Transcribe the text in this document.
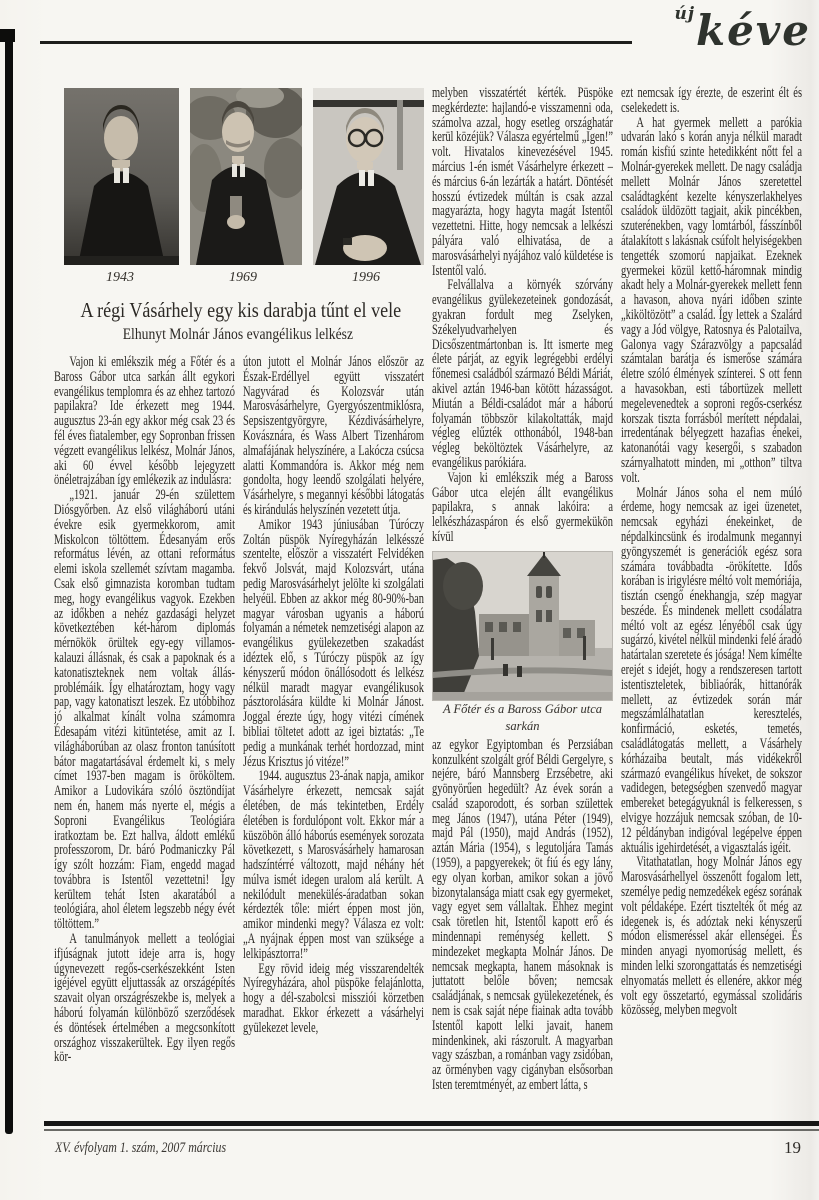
újkéve
1943	1969	1996
A régi Vásárhely egy kis darabja tűnt el vele
Elhunyt Molnár János evangélikus lelkész

Vajon ki emlékszik még a Főtér és a Baross Gábor utca sarkán állt egykori evangélikus templomra és az ehhez tartozó papilakra? Ide érkezett meg 1944. augusztus 23-án egy akkor még csak 23 és fél éves fiatalember, egy Sopronban frissen végzett evangélikus lelkész, Molnár János, aki 60 évvel később lejegyzett önéletrajzában így emlékezik az indulásra:

„1921. január 29-én születtem Diósgyőrben. Az első világháború utáni évekre esik gyermekkorom, amit Miskolcon töltöttem. Édesanyám erős református lévén, az ottani református elemi iskola szellemét szívtam magamba. Csak első gimnazista koromban tudtam meg, hogy evangélikus vagyok. Ezekben az időkben a nehéz gazdasági helyzet következtében két-három diplomás mérnökök örültek egy-egy villamos-kalauzi állásnak, és csak a papoknak és a katonatiszteknek nem voltak állás-problémáik. Így elhatároztam, hogy vagy pap, vagy katonatiszt leszek. Ez utóbbihoz jó alkalmat kínált volna számomra Édesapám vitézi kitüntetése, amit az I. világháborúban az olasz fronton tanúsított bátor magatartásával érdemelt ki, s mely címet 1937-ben magam is örököltem. Amikor a Ludovikára szóló ösztöndíjat nem én, hanem más nyerte el, mégis a Soproni Evangélikus Teológiára iratkoztam be. Ezt hallva, áldott emlékű professzorom, Dr. báró Podmaniczky Pál így szólt hozzám: Fiam, engedd magad továbbra is Istentől vezettetni! Így kerültem tehát Isten akaratából a teológiára, ahol életem legszebb négy évét töltöttem.”

A tanulmányok mellett a teológiai ifjúságnak jutott ideje arra is, hogy úgynevezett regős-cserkészekként Isten igéjével együtt eljuttassák az országépítés szavait olyan országrészekbe is, melyek a háború folyamán különböző szerződések és döntések értelmében a megcsonkított országhoz visszakerültek. Egy ilyen regős kör-

úton jutott el Molnár János először az Észak-Erdéllyel együtt visszatért Nagyvárad és Kolozsvár után Marosvásárhelyre, Gyergyószentmiklósra, Sepsiszentgyörgyre, Kézdivásárhelyre, Kovásznára, és Wass Albert Tizenhárom almafájának helyszínére, a Lakócza csúcsa alatti Kommandóra is. Akkor még nem gondolta, hogy leendő szolgálati helyére, Vásárhelyre, s megannyi későbbi látogatás és kirándulás helyszínén vezetett útja.

Amikor 1943 júniusában Túróczy Zoltán püspök Nyíregyházán lelkésszé szentelte, először a visszatért Felvidéken fekvő Jolsvát, majd Kolozsvárt, utána pedig Marosvásárhelyt jelölte ki szolgálati helyéül. Ebben az akkor még 80-90%-ban magyar városban ugyanis a háború folyamán a németek nemzetiségi alapon az evangélikus gyülekezetben szakadást idéztek elő, s Túróczy püspök az így kényszerű módon önállósodott és lelkész nélkül maradt magyar evangélikusok pásztorolására küldte ki Molnár Jánost. Joggal érezte úgy, hogy vitézi címének bibliai töltetet adott az igei biztatás: „Te pedig a munkának terhét hordozzad, mint Jézus Krisztus jó vitéze!”

1944. augusztus 23-ának napja, amikor Vásárhelyre érkezett, nemcsak saját életében, de más tekintetben, Erdély életében is fordulópont volt. Ekkor már a küszöbön álló háborús események sorozata következett, s Marosvásárhely hamarosan hadszíntérré változott, majd néhány hét múlva ismét idegen uralom alá került. A nekilódult menekülés-áradatban sokan kérdezték tőle: miért éppen most jön, amikor mindenki megy? Válasza ez volt: „A nyájnak éppen most van szüksége a lelkipásztorra!”

Egy rövid ideig még visszarendelték Nyíregyházára, ahol püspöke felajánlotta, hogy a dél-szabolcsi missziói körzetben maradhat. Ekkor érkezett a vásárhelyi gyülekezet levele,

melyben visszatértét kérték. Püspöke megkérdezte: hajlandó-e visszamenni oda, számolva azzal, hogy esetleg országhatár kerül közéjük? Válasza egyértelmű „Igen!” volt. Hivatalos kinevezésével 1945. március 1-én ismét Vásárhelyre érkezett – és március 6-án lezárták a határt. Döntését hosszú évtizedek múltán is csak azzal magyarázta, hogy hagyta magát Istentől vezettetni. Hitte, hogy nemcsak a lelkészi pályára való elhivatása, de a marosvásárhelyi nyájához való küldetése is Istentől való.

Felvállalva a környék szórvány evangélikus gyülekezeteinek gondozását, gyakran fordult meg Zselyken, Székelyudvarhelyen és Dicsőszentmártonban is. Itt ismerte meg élete párját, az egyik legrégebbi erdélyi főnemesi családból származó Béldi Máriát, akivel aztán 1946-ban kötött házasságot. Miután a Béldi-családot már a háború folyamán többször kilakoltatták, majd végleg elűzték otthonából, 1948-ban végleg beköltöztek Vásárhelyre, az evangélikus parókiára.

Vajon ki emlékszik még a Baross Gábor utca elején állt evangélikus papilakra, s annak lakóira: a lelkészházaspáron és első gyermekükön kívül

A Főtér és a Baross Gábor utca sarkán

az egykor Egyiptomban és Perzsiában konzulként szolgált gróf Béldi Gergelyre, s nejére, báró Mannsberg Erzsébetre, aki gyönyörűen hegedült? Az évek során a család szaporodott, és sorban születtek meg János (1947), utána Péter (1949), majd Pál (1950), majd András (1952), aztán Mária (1954), s legutoljára Tamás (1959), a papgyerekek; öt fiú és egy lány, egy olyan korban, amikor sokan a jövő bizonytalansága miatt csak egy gyermeket, vagy egyet sem vállaltak. Ehhez megint csak töretlen hit, Istentől kapott erő és mindennapi reménység kellett. S mindezeket megkapta Molnár János. De nemcsak megkapta, hanem másoknak is juttatott belőle bőven; nemcsak családjának, s nemcsak gyülekezetének, és nem is csak saját népe fiainak adta tovább Istentől kapott lelki javait, hanem mindenkinek, aki rászorult. A magyarban vagy szászban, a románban vagy zsidóban, az örményben vagy cigányban elsősorban Isten teremtményét, az embert látta, s

ezt nemcsak így érezte, de eszerint élt és cselekedett is.

A hat gyermek mellett a parókia udvarán lakó s korán anyja nélkül maradt román kisfiú szinte hetedikként nőtt fel a Molnár-gyerekek mellett. De nagy családja mellett Molnár János szeretettel családtagként kezelte kényszerlakhelyes családok üldözött tagjait, akik pincékben, szuterénekben, vagy lomtárból, fásszínből átalakított s lakásnak csúfolt helyiségekben tengették szomorú napjaikat. Ezeknek gyermekei közül kettő-háromnak mindig akadt hely a Molnár-gyerekek mellett fenn a havason, ahova nyári időben szinte „kiköltözött” a család. Így lettek a Szalárd vagy a Jód völgye, Ratosnya és Palotailva, Galonya vagy Szárazvölgy a papcsalád számtalan barátja és ismerőse számára életre szóló élmények színterei. S ott fenn a havasokban, esti tábortüzek mellett megelevenedtek a soproni regős-cserkész korszak tiszta forrásból merített népdalai, irredentának bélyegzett hazafias énekei, katonanótái vagy kesergői, s szabadon szárnyalhatott minden, mi „otthon” tiltva volt.

Molnár János soha el nem múló érdeme, hogy nemcsak az igei üzenetet, nemcsak egyházi énekeinket, de népdalkincsünk és irodalmunk megannyi gyöngyszemét is generációk egész sora számára továbbadta -örökítette. Idős korában is irigylésre méltó volt memóriája, tisztán csengő énekhangja, szép magyar beszéde. És mindenek mellett csodálatra méltó volt az egész lényéből csak úgy sugárzó, kivétel nélkül mindenki felé áradó határtalan szeretete és jósága! Nem kímélte erejét s idejét, hogy a rendszeresen tartott istentiszteletek, bibliaórák, hittanórák mellett, az évtizedek során már megszámlálhatatlan keresztelés, konfirmáció, esketés, temetés, családlátogatás mellett, a Vásárhely kórházaiba beutalt, más vidékekről származó evangélikus híveket, de sokszor vadidegen, betegségben szenvedő magyar embereket betegágyuknál is felkeressen, s elvigye hozzájuk nemcsak szóban, de 10-12 példányban indigóval legépelve éppen aktuális igehirdetését, a vigasztalás igéit.

Vitathatatlan, hogy Molnár János egy Marosvásárhellyel összenőtt fogalom lett, személye pedig nemzedékek egész sorának volt példaképe. Ezért tisztelték őt még az idegenek is, és adóztak neki kényszerű módon elismeréssel akár ellenségei. És minden anyagi nyomorúság mellett, és minden lelki szorongattatás és nemzetiségi elnyomatás mellett és ellenére, akkor még volt egy összetartó, egymással szolidáris közösség, melyben megvolt

XV. évfolyam 1. szám, 2007 március	19
